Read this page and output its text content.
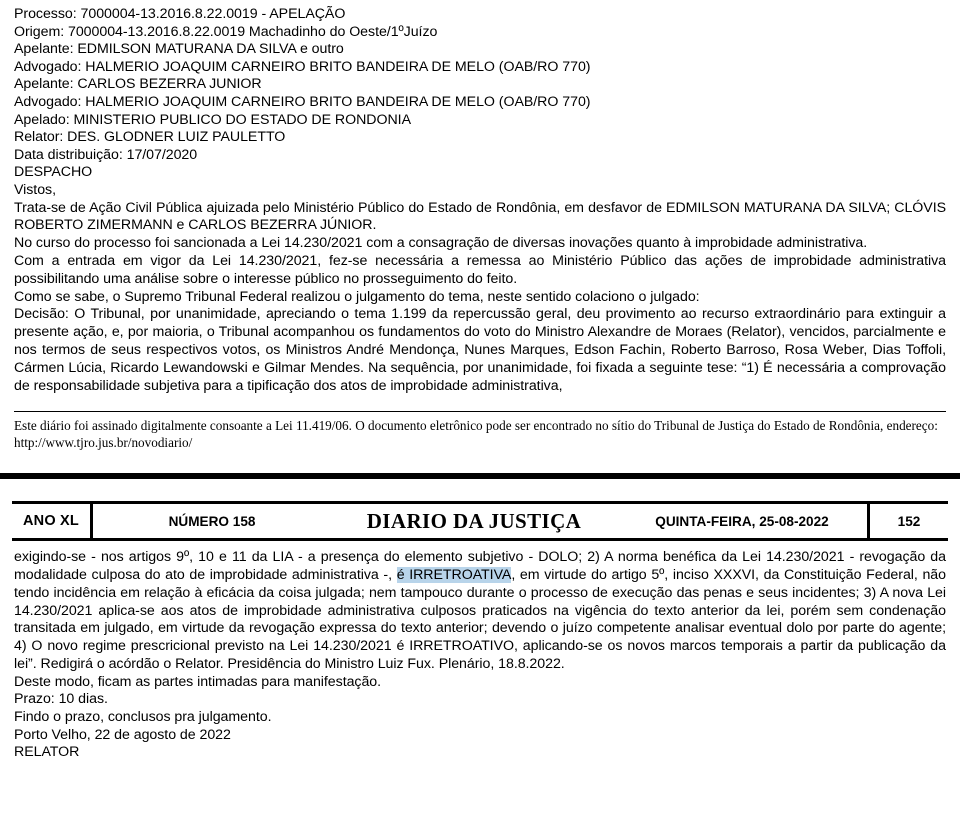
Processo: 7000004-13.2016.8.22.0019 - APELAÇÃO
Origem: 7000004-13.2016.8.22.0019 Machadinho do Oeste/1ºJuízo
Apelante: EDMILSON MATURANA DA SILVA e outro
Advogado: HALMERIO JOAQUIM CARNEIRO BRITO BANDEIRA DE MELO (OAB/RO 770)
Apelante: CARLOS BEZERRA JUNIOR
Advogado: HALMERIO JOAQUIM CARNEIRO BRITO BANDEIRA DE MELO (OAB/RO 770)
Apelado: MINISTERIO PUBLICO DO ESTADO DE RONDONIA
Relator: DES. GLODNER LUIZ PAULETTO
Data distribuição: 17/07/2020
DESPACHO
Vistos,

Trata-se de Ação Civil Pública ajuizada pelo Ministério Público do Estado de Rondônia, em desfavor de EDMILSON MATURANA DA SILVA; CLÓVIS ROBERTO ZIMERMANN e CARLOS BEZERRA JÚNIOR.

No curso do processo foi sancionada a Lei 14.230/2021 com a consagração de diversas inovações quanto à improbidade administrativa.

Com a entrada em vigor da Lei 14.230/2021, fez-se necessária a remessa ao Ministério Público das ações de improbidade administrativa possibilitando uma análise sobre o interesse público no prosseguimento do feito.

Como se sabe, o Supremo Tribunal Federal realizou o julgamento do tema, neste sentido colaciono o julgado:

Decisão: O Tribunal, por unanimidade, apreciando o tema 1.199 da repercussão geral, deu provimento ao recurso extraordinário para extinguir a presente ação, e, por maioria, o Tribunal acompanhou os fundamentos do voto do Ministro Alexandre de Moraes (Relator), vencidos, parcialmente e nos termos de seus respectivos votos, os Ministros André Mendonça, Nunes Marques, Edson Fachin, Roberto Barroso, Rosa Weber, Dias Toffoli, Cármen Lúcia, Ricardo Lewandowski e Gilmar Mendes. Na sequência, por unanimidade, foi fixada a seguinte tese: “1) É necessária a comprovação de responsabilidade subjetiva para a tipificação dos atos de improbidade administrativa,

Este diário foi assinado digitalmente consoante a Lei 11.419/06. O documento eletrônico pode ser encontrado no sítio do Tribunal de Justiça do Estado de Rondônia, endereço: http://www.tjro.jus.br/novodiario/
ANO XL	NÚMERO 158	DIARIO DA JUSTIÇA	QUINTA-FEIRA, 25-08-2022	152

exigindo-se - nos artigos 9º, 10 e 11 da LIA - a presença do elemento subjetivo - DOLO; 2) A norma benéfica da Lei 14.230/2021 - revogação da modalidade culposa do ato de improbidade administrativa -, é IRRETROATIVA, em virtude do artigo 5º, inciso XXXVI, da Constituição Federal, não tendo incidência em relação à eficácia da coisa julgada; nem tampouco durante o processo de execução das penas e seus incidentes; 3) A nova Lei 14.230/2021 aplica-se aos atos de improbidade administrativa culposos praticados na vigência do texto anterior da lei, porém sem condenação transitada em julgado, em virtude da revogação expressa do texto anterior; devendo o juízo competente analisar eventual dolo por parte do agente; 4) O novo regime prescricional previsto na Lei 14.230/2021 é IRRETROATIVO, aplicando-se os novos marcos temporais a partir da publicação da lei”. Redigirá o acórdão o Relator. Presidência do Ministro Luiz Fux. Plenário, 18.8.2022.

Deste modo, ficam as partes intimadas para manifestação.
Prazo: 10 dias.
Findo o prazo, conclusos pra julgamento.
Porto Velho, 22 de agosto de 2022
RELATOR
